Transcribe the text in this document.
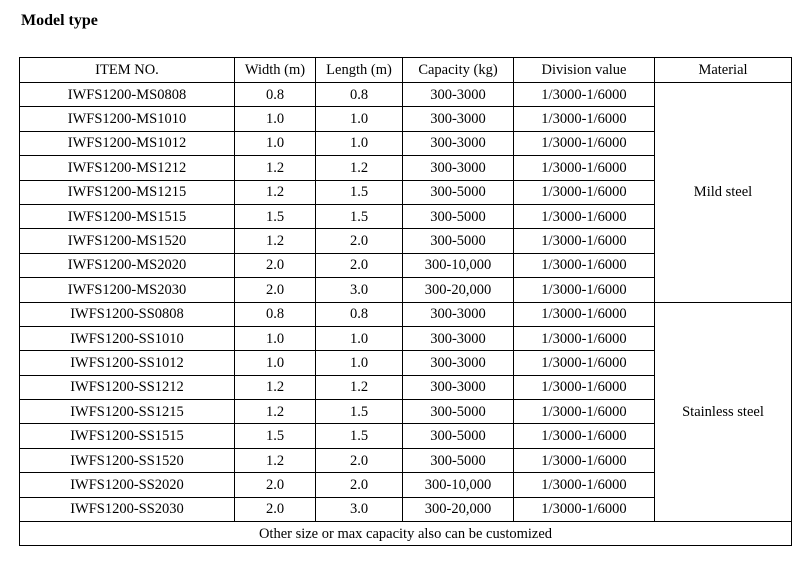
Model type
ITEM NO.	Width (m)	Length (m)	Capacity (kg)	Division value	Material
IWFS1200-MS0808	0.8	0.8	300-3000	1/3000-1/6000	Mild steel
IWFS1200-MS1010	1.0	1.0	300-3000	1/3000-1/6000	
IWFS1200-MS1012	1.0	1.0	300-3000	1/3000-1/6000	
IWFS1200-MS1212	1.2	1.2	300-3000	1/3000-1/6000	
IWFS1200-MS1215	1.2	1.5	300-5000	1/3000-1/6000	
IWFS1200-MS1515	1.5	1.5	300-5000	1/3000-1/6000	
IWFS1200-MS1520	1.2	2.0	300-5000	1/3000-1/6000	
IWFS1200-MS2020	2.0	2.0	300-10,000	1/3000-1/6000	
IWFS1200-MS2030	2.0	3.0	300-20,000	1/3000-1/6000	
IWFS1200-SS0808	0.8	0.8	300-3000	1/3000-1/6000	Stainless steel
IWFS1200-SS1010	1.0	1.0	300-3000	1/3000-1/6000	
IWFS1200-SS1012	1.0	1.0	300-3000	1/3000-1/6000	
IWFS1200-SS1212	1.2	1.2	300-3000	1/3000-1/6000	
IWFS1200-SS1215	1.2	1.5	300-5000	1/3000-1/6000	
IWFS1200-SS1515	1.5	1.5	300-5000	1/3000-1/6000	
IWFS1200-SS1520	1.2	2.0	300-5000	1/3000-1/6000	
IWFS1200-SS2020	2.0	2.0	300-10,000	1/3000-1/6000	
IWFS1200-SS2030	2.0	3.0	300-20,000	1/3000-1/6000	
Other size or max capacity also can be customized					
